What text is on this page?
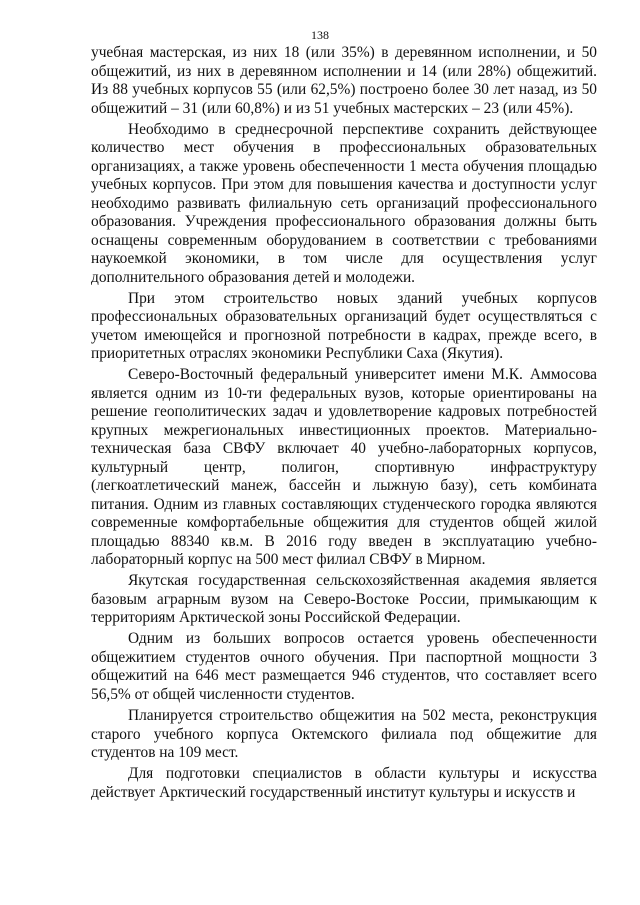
138

учебная мастерская, из них 18 (или 35%) в деревянном исполнении, и 50 общежитий, из них в деревянном исполнении и 14 (или 28%) общежитий. Из 88 учебных корпусов 55 (или 62,5%) построено более 30 лет назад, из 50 общежитий – 31 (или 60,8%) и из 51 учебных мастерских – 23 (или 45%).

Необходимо в среднесрочной перспективе сохранить действующее количество мест обучения в профессиональных образовательных организациях, а также уровень обеспеченности 1 места обучения площадью учебных корпусов. При этом для повышения качества и доступности услуг необходимо развивать филиальную сеть организаций профессионального образования. Учреждения профессионального образования должны быть оснащены современным оборудованием в соответствии с требованиями наукоемкой экономики, в том числе для осуществления услуг дополнительного образования детей и молодежи.

При этом строительство новых зданий учебных корпусов профессиональных образовательных организаций будет осуществляться с учетом имеющейся и прогнозной потребности в кадрах, прежде всего, в приоритетных отраслях экономики Республики Саха (Якутия).

Северо-Восточный федеральный университет имени М.К. Аммосова является одним из 10-ти федеральных вузов, которые ориентированы на решение геополитических задач и удовлетворение кадровых потребностей крупных межрегиональных инвестиционных проектов. Материально-техническая база СВФУ включает 40 учебно-лабораторных корпусов, культурный центр, полигон, спортивную инфраструктуру (легкоатлетический манеж, бассейн и лыжную базу), сеть комбината питания. Одним из главных составляющих студенческого городка являются современные комфортабельные общежития для студентов общей жилой площадью 88340 кв.м. В 2016 году введен в эксплуатацию учебно-лабораторный корпус на 500 мест филиал СВФУ в Мирном.

Якутская государственная сельскохозяйственная академия является базовым аграрным вузом на Северо-Востоке России, примыкающим к территориям Арктической зоны Российской Федерации.

Одним из больших вопросов остается уровень обеспеченности общежитием студентов очного обучения. При паспортной мощности 3 общежитий на 646 мест размещается 946 студентов, что составляет всего 56,5% от общей численности студентов.

Планируется строительство общежития на 502 места, реконструкция старого учебного корпуса Октемского филиала под общежитие для студентов на 109 мест.

Для подготовки специалистов в области культуры и искусства действует Арктический государственный институт культуры и искусств и
